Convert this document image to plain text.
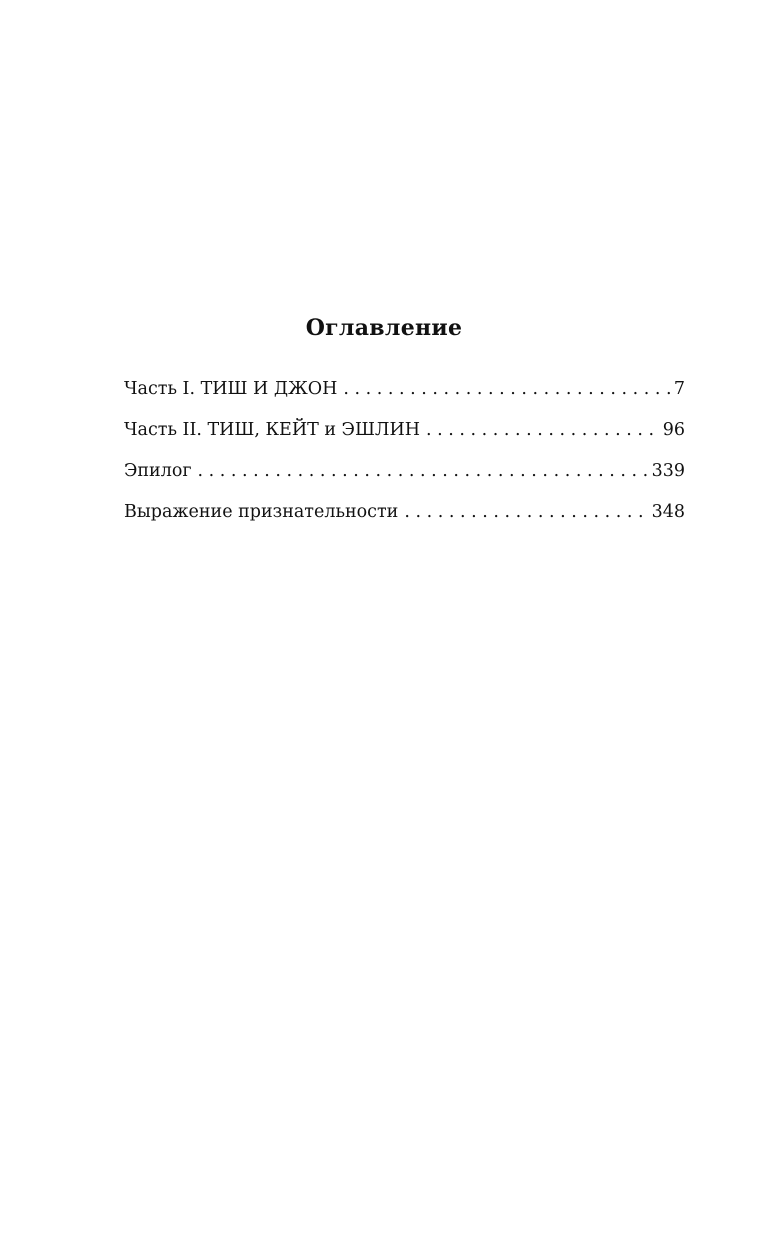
Оглавление
Часть I. ТИШ И ДЖОН . . .	7
Часть II. ТИШ, КЕЙТ и ЭШЛИН . . .	96
Эпилог . . .	339
Выражение признательности . . .	348
